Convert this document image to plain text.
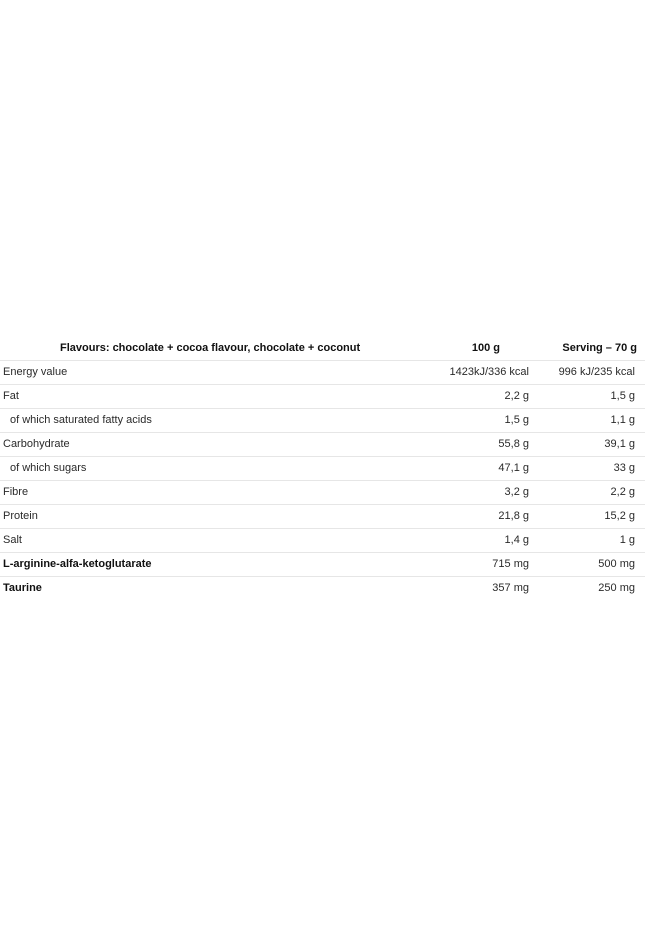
Flavours: chocolate + cocoa flavour, chocolate + coconut	100 g	Serving – 70 g
Energy value	1423kJ/336 kcal	996 kJ/235 kcal
Fat	2,2 g	1,5 g
of which saturated fatty acids	1,5 g	1,1 g
Carbohydrate	55,8 g	39,1 g
of which sugars	47,1 g	33 g
Fibre	3,2 g	2,2 g
Protein	21,8 g	15,2 g
Salt	1,4 g	1 g
L-arginine-alfa-ketoglutarate	715 mg	500 mg
Taurine	357 mg	250 mg
